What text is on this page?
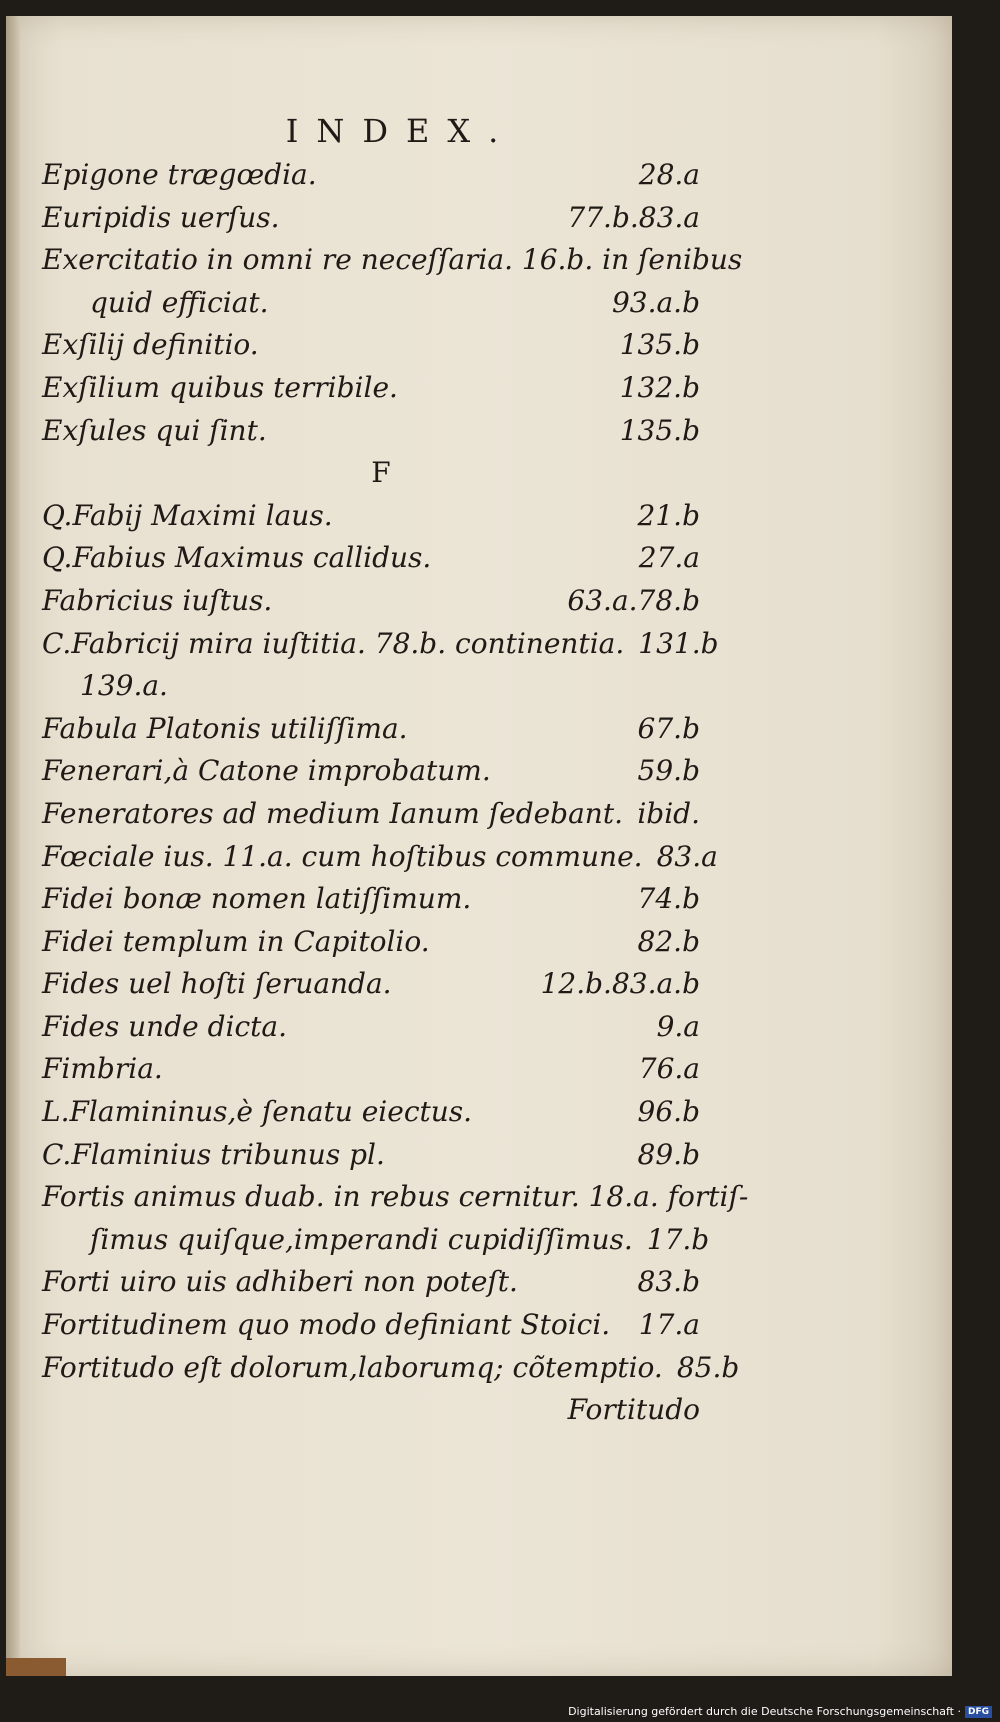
INDEX.
Epigone trægœdia.	28.a
Euripidis uerſus.	77.b.83.a
Exercitatio in omni re neceſſaria. 16.b. in ſenibus
quid efficiat.	93.a.b
Exſilij definitio.	135.b
Exſilium quibus terribile.	132.b
Exſules qui ſint.	135.b
F
Q.Fabij Maximi laus.	21.b
Q.Fabius Maximus callidus.	27.a
Fabricius iuſtus.	63.a.78.b
C.Fabricij mira iuſtitia. 78.b. continentia. 131.b
139.a.
Fabula Platonis utiliſſima.	67.b
Fenerari,à Catone improbatum.	59.b
Feneratores ad medium Ianum ſedebant. ibid.
Fœciale ius. 11.a. cum hoſtibus commune. 83.a
Fidei bonæ nomen latiſſimum.	74.b
Fidei templum in Capitolio.	82.b
Fides uel hoſti ſeruanda.	12.b.83.a.b
Fides unde dicta.	9.a
Fimbria.	76.a
L.Flamininus,è ſenatu eiectus.	96.b
C.Flaminius tribunus pl.	89.b
Fortis animus duab. in rebus cernitur. 18.a. fortiſ-
ſimus quiſque,imperandi cupidiſſimus. 17.b
Forti uiro uis adhiberi non poteſt.	83.b
Fortitudinem quo modo definiant Stoici. 17.a
Fortitudo eſt dolorum,laborumq; cõtemptio. 85.b
Fortitudo
Digitalisierung gefördert durch die Deutsche Forschungsgemeinschaft · DFG
